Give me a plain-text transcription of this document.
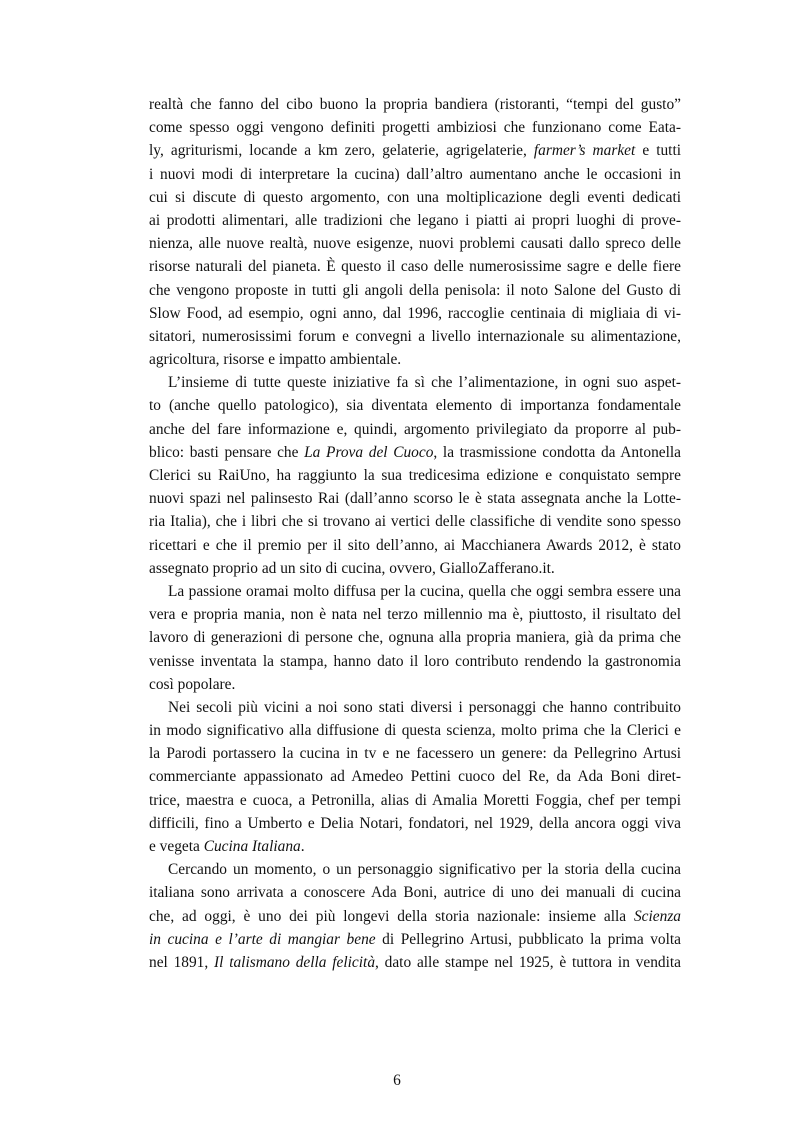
realtà che fanno del cibo buono la propria bandiera (ristoranti, “tempi del gusto”
come spesso oggi vengono definiti progetti ambiziosi che funzionano come Eata-
ly, agriturismi, locande a km zero, gelaterie, agrigelaterie, farmer’s market e tutti
i nuovi modi di interpretare la cucina) dall’altro aumentano anche le occasioni in
cui si discute di questo argomento, con una moltiplicazione degli eventi dedicati
ai prodotti alimentari, alle tradizioni che legano i piatti ai propri luoghi di prove-
nienza, alle nuove realtà, nuove esigenze, nuovi problemi causati dallo spreco delle
risorse naturali del pianeta. È questo il caso delle numerosissime sagre e delle fiere
che vengono proposte in tutti gli angoli della penisola: il noto Salone del Gusto di
Slow Food, ad esempio, ogni anno, dal 1996, raccoglie centinaia di migliaia di vi-
sitatori, numerosissimi forum e convegni a livello internazionale su alimentazione,
agricoltura, risorse e impatto ambientale.
L’insieme di tutte queste iniziative fa sì che l’alimentazione, in ogni suo aspet-
to (anche quello patologico), sia diventata elemento di importanza fondamentale
anche del fare informazione e, quindi, argomento privilegiato da proporre al pub-
blico: basti pensare che La Prova del Cuoco, la trasmissione condotta da Antonella
Clerici su RaiUno, ha raggiunto la sua tredicesima edizione e conquistato sempre
nuovi spazi nel palinsesto Rai (dall’anno scorso le è stata assegnata anche la Lotte-
ria Italia), che i libri che si trovano ai vertici delle classifiche di vendite sono spesso
ricettari e che il premio per il sito dell’anno, ai Macchianera Awards 2012, è stato
assegnato proprio ad un sito di cucina, ovvero, GialloZafferano.it.
La passione oramai molto diffusa per la cucina, quella che oggi sembra essere una
vera e propria mania, non è nata nel terzo millennio ma è, piuttosto, il risultato del
lavoro di generazioni di persone che, ognuna alla propria maniera, già da prima che
venisse inventata la stampa, hanno dato il loro contributo rendendo la gastronomia
così popolare.
Nei secoli più vicini a noi sono stati diversi i personaggi che hanno contribuito
in modo significativo alla diffusione di questa scienza, molto prima che la Clerici e
la Parodi portassero la cucina in tv e ne facessero un genere: da Pellegrino Artusi
commerciante appassionato ad Amedeo Pettini cuoco del Re, da Ada Boni diret-
trice, maestra e cuoca, a Petronilla, alias di Amalia Moretti Foggia, chef per tempi
difficili, fino a Umberto e Delia Notari, fondatori, nel 1929, della ancora oggi viva
e vegeta Cucina Italiana.
Cercando un momento, o un personaggio significativo per la storia della cucina
italiana sono arrivata a conoscere Ada Boni, autrice di uno dei manuali di cucina
che, ad oggi, è uno dei più longevi della storia nazionale: insieme alla Scienza
in cucina e l’arte di mangiar bene di Pellegrino Artusi, pubblicato la prima volta
nel 1891, Il talismano della felicità, dato alle stampe nel 1925, è tuttora in vendita
6
